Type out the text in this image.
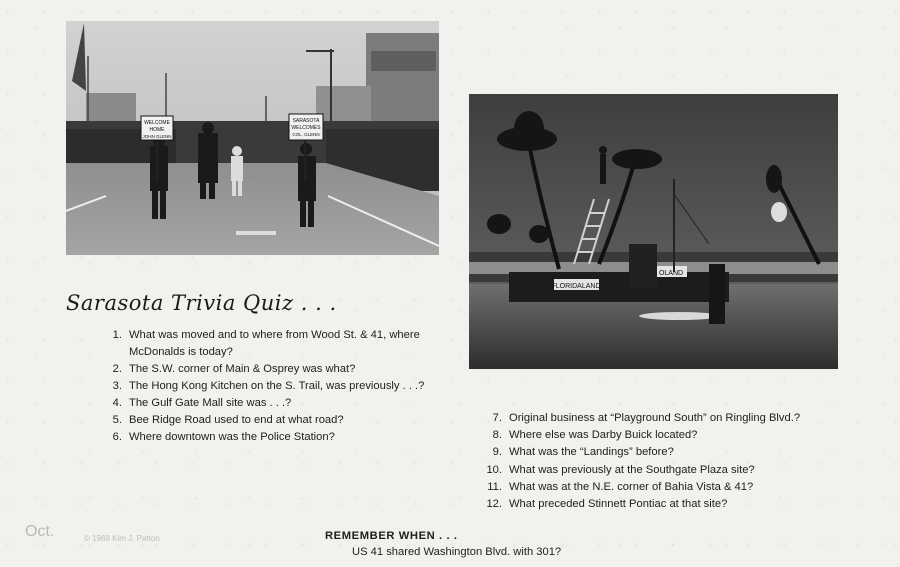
WELCOME
HOME
JOHN GLENN
SARASOTA
WELCOMES
COL. GLENN
FLORIDALAND
OLAND
Sarasota Trivia Quiz . . .
1. What was moved and to where from Wood St. & 41, where McDonalds is today?
2. The S.W. corner of Main & Osprey was what?
3. The Hong Kong Kitchen on the S. Trail, was previously . . .?
4. The Gulf Gate Mall site was . . .?
5. Bee Ridge Road used to end at what road?
6. Where downtown was the Police Station?
7. Original business at “Playground South” on Ringling Blvd.?
8. Where else was Darby Buick located?
9. What was the “Landings” before?
10. What was previously at the Southgate Plaza site?
11. What was at the N.E. corner of Bahia Vista & 41?
12. What preceded Stinnett Pontiac at that site?
Oct.	© 1988 Kim J. Patton	REMEMBER WHEN . . .
US 41 shared Washington Blvd. with 301?
